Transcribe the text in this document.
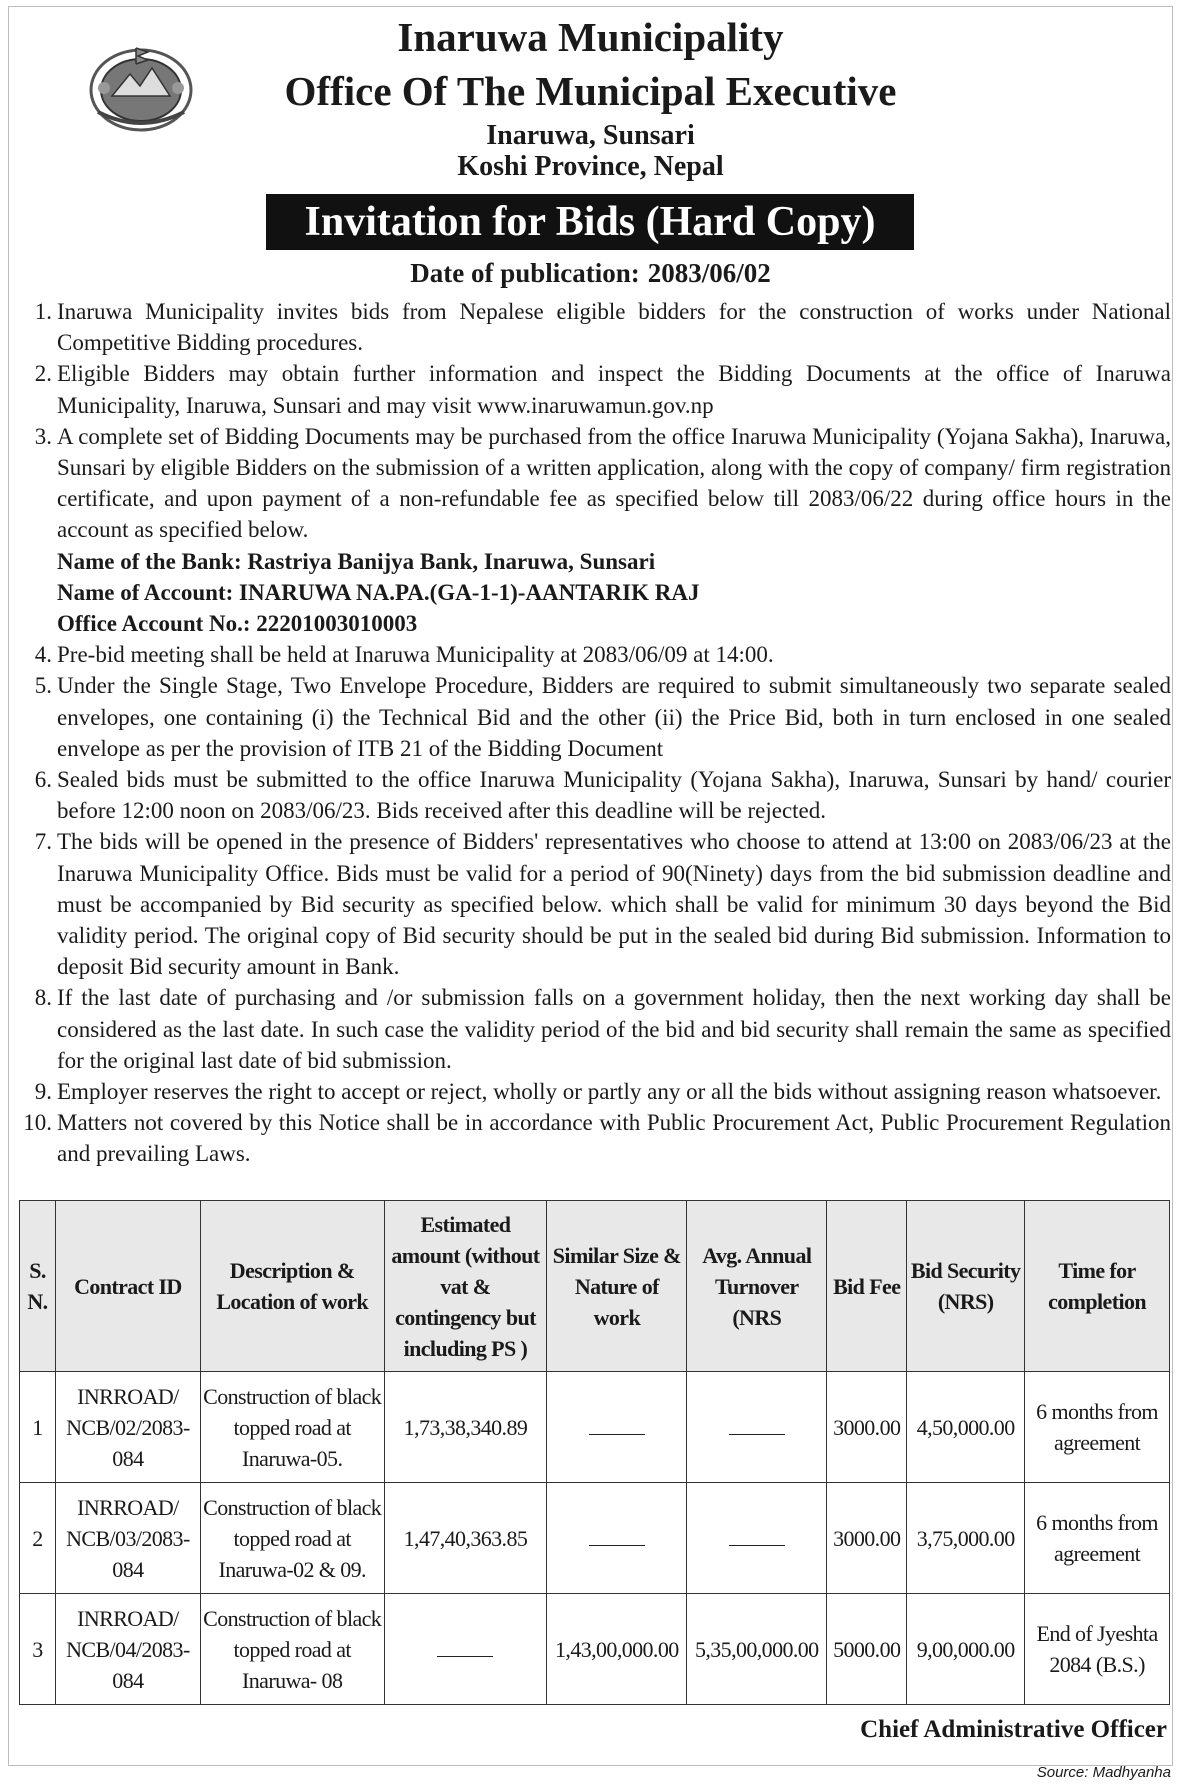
Inaruwa Municipality
Office Of The Municipal Executive
Inaruwa, Sunsari
Koshi Province, Nepal
Invitation for Bids (Hard Copy)
Date of publication: 2083/06/02
1. Inaruwa Municipality invites bids from Nepalese eligible bidders for the construction of works under National Competitive Bidding procedures.
2. Eligible Bidders may obtain further information and inspect the Bidding Documents at the office of Inaruwa Municipality, Inaruwa, Sunsari and may visit www.inaruwamun.gov.np
3. A complete set of Bidding Documents may be purchased from the office Inaruwa Municipality (Yojana Sakha), Inaruwa, Sunsari by eligible Bidders on the submission of a written application, along with the copy of company/ firm registration certificate, and upon payment of a non-refundable fee as specified below till 2083/06/22 during office hours in the account as specified below.
Name of the Bank: Rastriya Banijya Bank, Inaruwa, Sunsari
Name of Account: INARUWA NA.PA.(GA-1-1)-AANTARIK RAJ
Office Account No.: 22201003010003
4. Pre-bid meeting shall be held at Inaruwa Municipality at 2083/06/09 at 14:00.
5. Under the Single Stage, Two Envelope Procedure, Bidders are required to submit simultaneously two separate sealed envelopes, one containing (i) the Technical Bid and the other (ii) the Price Bid, both in turn enclosed in one sealed envelope as per the provision of ITB 21 of the Bidding Document
6. Sealed bids must be submitted to the office Inaruwa Municipality (Yojana Sakha), Inaruwa, Sunsari by hand/ courier before 12:00 noon on 2083/06/23. Bids received after this deadline will be rejected.
7. The bids will be opened in the presence of Bidders' representatives who choose to attend at 13:00 on 2083/06/23 at the Inaruwa Municipality Office. Bids must be valid for a period of 90(Ninety) days from the bid submission deadline and must be accompanied by Bid security as specified below. which shall be valid for minimum 30 days beyond the Bid validity period. The original copy of Bid security should be put in the sealed bid during Bid submission. Information to deposit Bid security amount in Bank.
8. If the last date of purchasing and /or submission falls on a government holiday, then the next working day shall be considered as the last date. In such case the validity period of the bid and bid security shall remain the same as specified for the original last date of bid submission.
9. Employer reserves the right to accept or reject, wholly or partly any or all the bids without assigning reason whatsoever.
10. Matters not covered by this Notice shall be in accordance with Public Procurement Act, Public Procurement Regulation and prevailing Laws.
S. N.	Contract ID	Description & Location of work	Estimated amount (without vat & contingency but including PS )	Similar Size & Nature of work	Avg. Annual Turnover (NRS	Bid Fee	Bid Security (NRS)	Time for completion
1	INRROAD/ NCB/02/2083-084	Construction of black topped road at Inaruwa-05.	1,73,38,340.89			3000.00	4,50,000.00	6 months from agreement
2	INRROAD/ NCB/03/2083-084	Construction of black topped road at Inaruwa-02 & 09.	1,47,40,363.85			3000.00	3,75,000.00	6 months from agreement
3	INRROAD/ NCB/04/2083-084	Construction of black topped road at Inaruwa- 08		1,43,00,000.00	5,35,00,000.00	5000.00	9,00,000.00	End of Jyeshta 2084 (B.S.)
Chief Administrative Officer
Source: Madhyanha
